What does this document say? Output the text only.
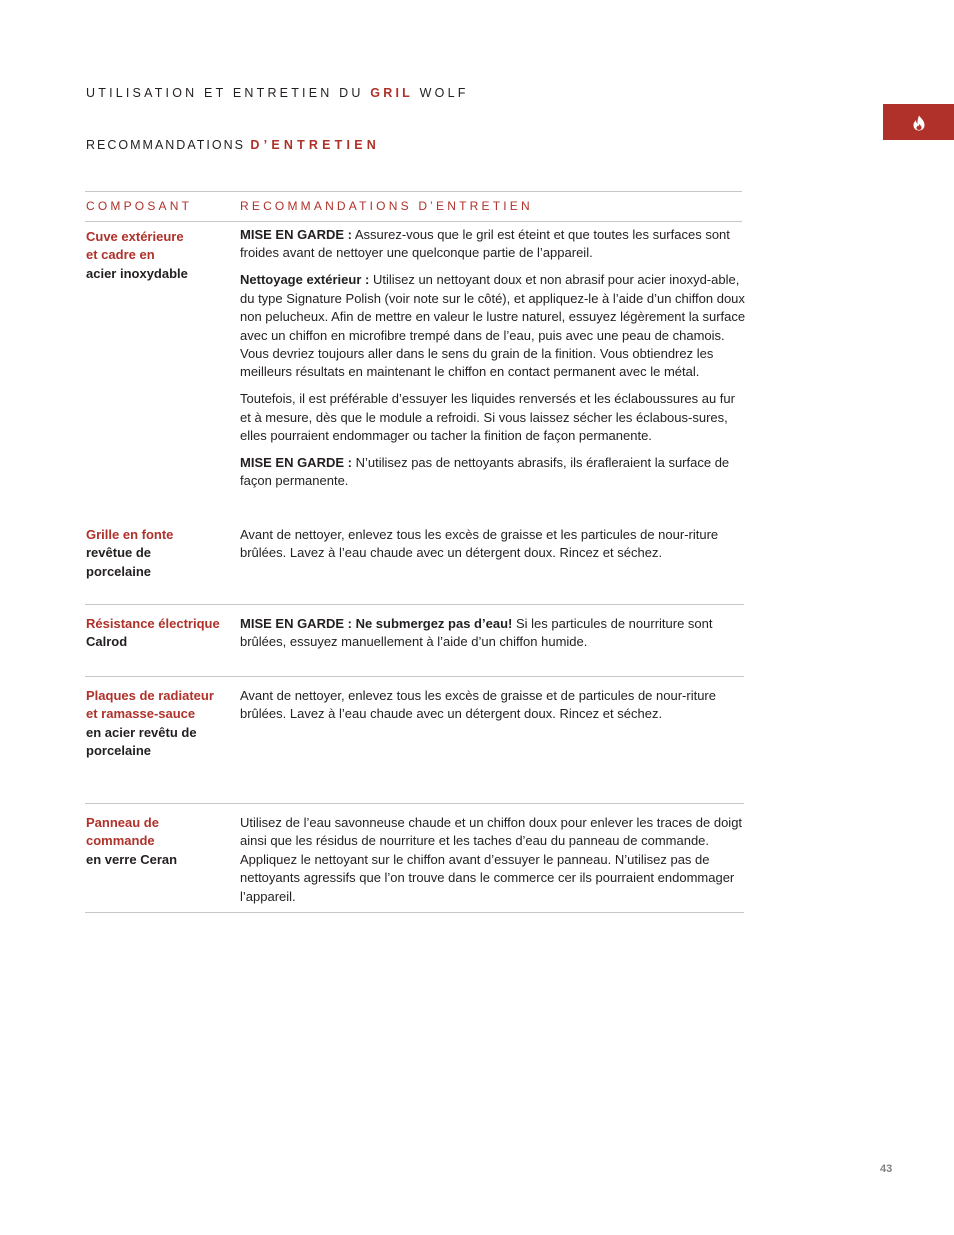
UTILISATION ET ENTRETIEN DU GRIL WOLF
RECOMMANDATIONS D’ENTRETIEN
COMPOSANT	RECOMMANDATIONS D’ENTRETIEN
Cuve extérieure
et cadre en
acier inoxydable

MISE EN GARDE : Assurez-vous que le gril est éteint et que toutes les surfaces sont froides avant de nettoyer une quelconque partie de l’appareil.

Nettoyage extérieur : Utilisez un nettoyant doux et non abrasif pour acier inoxyd-able, du type Signature Polish (voir note sur le côté), et appliquez-le à l’aide d’un chiffon doux non pelucheux. Afin de mettre en valeur le lustre naturel, essuyez légèrement la surface avec un chiffon en microfibre trempé dans de l’eau, puis avec une peau de chamois. Vous devriez toujours aller dans le sens du grain de la finition. Vous obtiendrez les meilleurs résultats en maintenant le chiffon en contact permanent avec le métal.

Toutefois, il est préférable d’essuyer les liquides renversés et les éclaboussures au fur et à mesure, dès que le module a refroidi. Si vous laissez sécher les éclabous-sures, elles pourraient endommager ou tacher la finition de façon permanente.

MISE EN GARDE : N’utilisez pas de nettoyants abrasifs, ils érafleraient la surface de façon permanente.

Grille en fonte
revêtue de
porcelaine

Avant de nettoyer, enlevez tous les excès de graisse et les particules de nour-riture brûlées. Lavez à l’eau chaude avec un détergent doux. Rincez et séchez.

Résistance électrique
Calrod

MISE EN GARDE : Ne submergez pas d’eau! Si les particules de nourriture sont brûlées, essuyez manuellement à l’aide d’un chiffon humide.

Plaques de radiateur
et ramasse-sauce
en acier revêtu de
porcelaine

Avant de nettoyer, enlevez tous les excès de graisse et de particules de nour-riture brûlées. Lavez à l’eau chaude avec un détergent doux. Rincez et séchez.

Panneau de
commande
en verre Ceran

Utilisez de l’eau savonneuse chaude et un chiffon doux pour enlever les traces de doigt ainsi que les résidus de nourriture et les taches d’eau du panneau de commande. Appliquez le nettoyant sur le chiffon avant d’essuyer le panneau. N’utilisez pas de nettoyants agressifs que l’on trouve dans le commerce cer ils pourraient endommager l’appareil.

43
